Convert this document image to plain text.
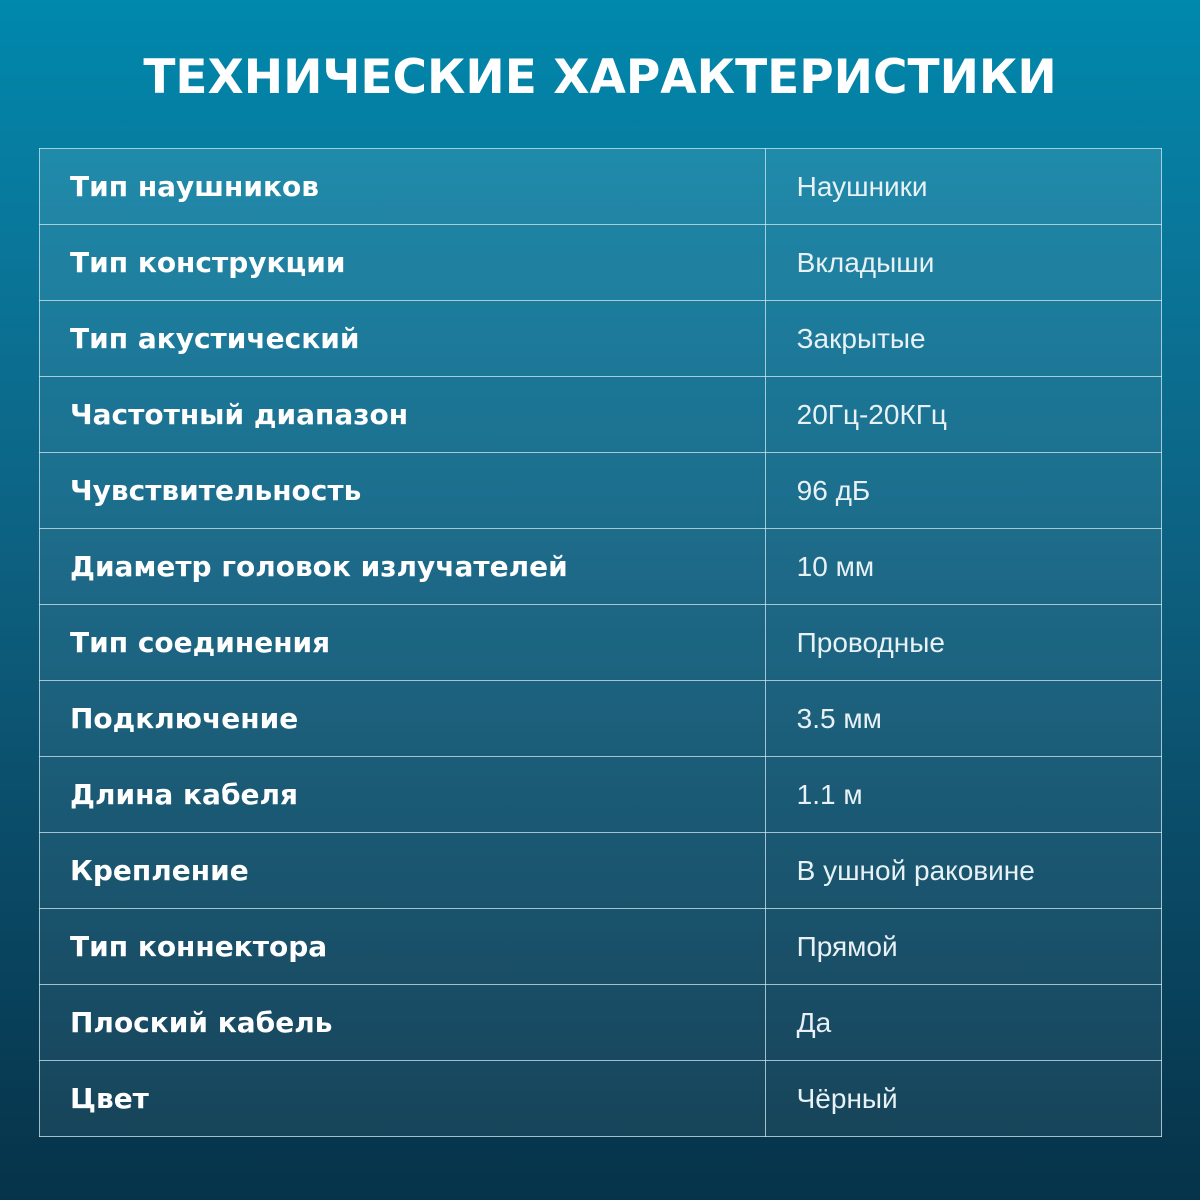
ТЕХНИЧЕСКИЕ ХАРАКТЕРИСТИКИ
Тип наушников	Наушники
Тип конструкции	Вкладыши
Тип акустический	Закрытые
Частотный диапазон	20Гц-20КГц
Чувствительность	96 дБ
Диаметр головок излучателей	10 мм
Тип соединения	Проводные
Подключение	3.5 мм
Длина кабеля	1.1 м
Крепление	В ушной раковине
Тип коннектора	Прямой
Плоский кабель	Да
Цвет	Чёрный
